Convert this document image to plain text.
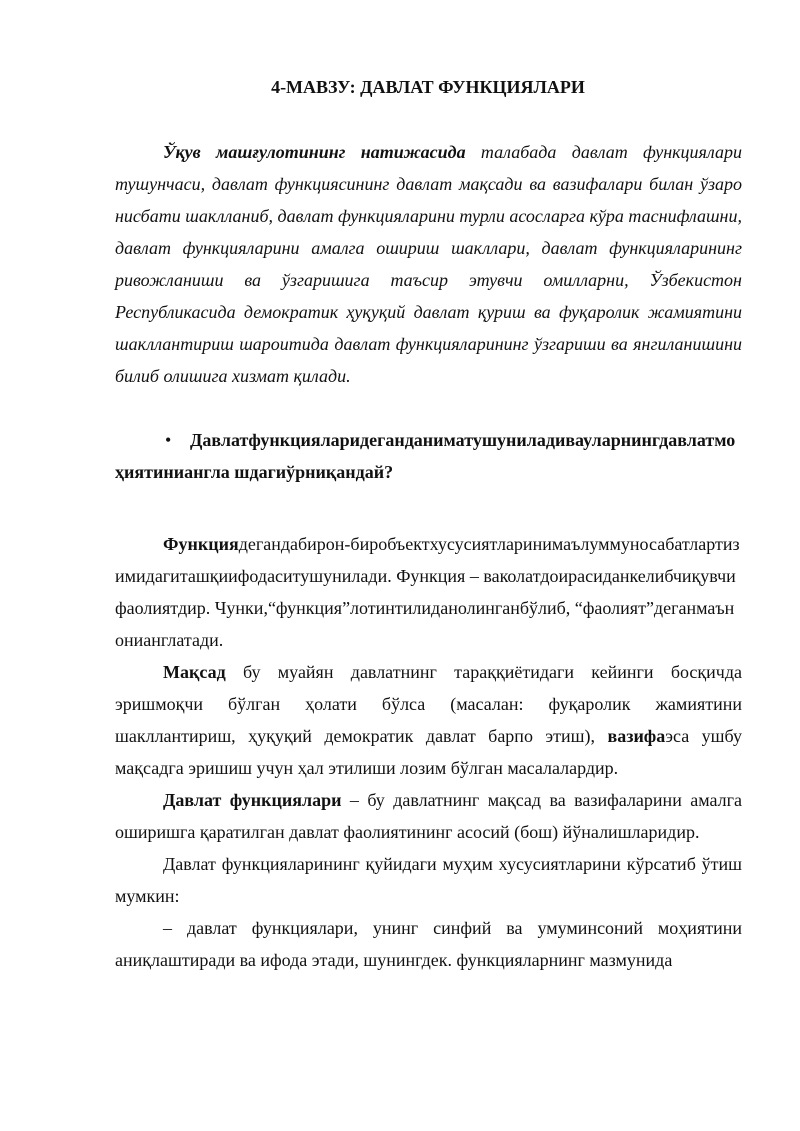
4-МАВЗУ: ДАВЛАТ ФУНКЦИЯЛАРИ

Ўқув машғулотининг натижасида талабада давлат функциялари тушунчаси, давлат функциясининг давлат мақсади ва вазифалари билан ўзаро нисбати шаклланиб, давлат функцияларини турли асосларга кўра таснифлашни, давлат функцияларини амалга ошириш шакллари, давлат функцияларининг ривожланиши ва ўзгаришига таъсир этувчи омилларни, Ўзбекистон Республикасида демократик ҳуқуқий давлат қуриш ва фуқаролик жамиятини шакллантириш шароитида давлат функцияларининг ўзгариши ва янгиланишини билиб олишига хизмат қилади.

•	Давлатфункцияларидеганданиматушуниладивауларнингдавлатмоҳиятиниангла шдагиўрниқандай?

Функциядегандабирон-биробъектхусусиятларинимаълуммуносабатлартизимидагиташқиифодаситушунилади. Функция – ваколатдоирасиданкелибчиқувчифаолиятдир. Чунки,“функция”лотинтилиданолинганбўлиб, “фаолият”деганмаънонианглатади.

Мақсад бу муайян давлатнинг тараққиётидаги кейинги босқичда эришмоқчи бўлган ҳолати бўлса (масалан: фуқаролик жамиятини шакллантириш, ҳуқуқий демократик давлат барпо этиш), вазифаэса ушбу мақсадга эришиш учун ҳал этилиши лозим бўлган масалалардир.

Давлат функциялари – бу давлатнинг мақсад ва вазифаларини амалга оширишга қаратилган давлат фаолиятининг асосий (бош) йўналишларидир.

Давлат функцияларининг қуйидаги муҳим хусусиятларини кўрсатиб ўтиш мумкин:

– давлат функциялари, унинг синфий ва умуминсоний моҳиятини аниқлаштиради ва ифода этади, шунингдек. функцияларнинг мазмунида
